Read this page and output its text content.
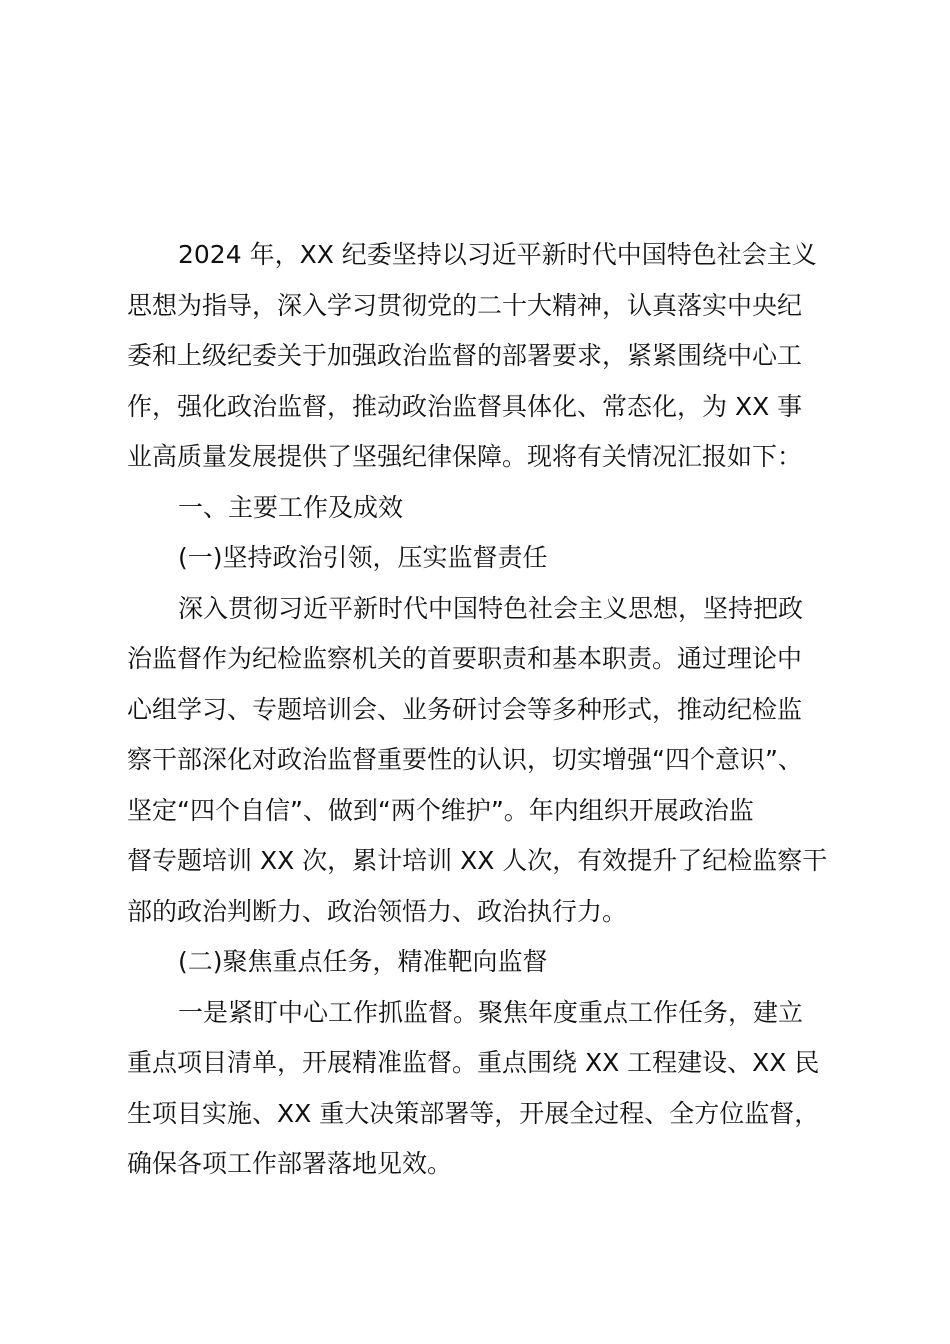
2024 年，XX 纪委坚持以习近平新时代中国特色社会主义
思想为指导，深入学习贯彻党的二十大精神，认真落实中央纪
委和上级纪委关于加强政治监督的部署要求，紧紧围绕中心工
作，强化政治监督，推动政治监督具体化、常态化，为 XX 事
业高质量发展提供了坚强纪律保障。现将有关情况汇报如下：
一、主要工作及成效
(一)坚持政治引领，压实监督责任
深入贯彻习近平新时代中国特色社会主义思想，坚持把政
治监督作为纪检监察机关的首要职责和基本职责。通过理论中
心组学习、专题培训会、业务研讨会等多种形式，推动纪检监
察干部深化对政治监督重要性的认识，切实增强“四个意识”、
坚定“四个自信”、做到“两个维护”。年内组织开展政治监
督专题培训 XX 次，累计培训 XX 人次，有效提升了纪检监察干
部的政治判断力、政治领悟力、政治执行力。
(二)聚焦重点任务，精准靶向监督
一是紧盯中心工作抓监督。聚焦年度重点工作任务，建立
重点项目清单，开展精准监督。重点围绕 XX 工程建设、XX 民
生项目实施、XX 重大决策部署等，开展全过程、全方位监督，
确保各项工作部署落地见效。
